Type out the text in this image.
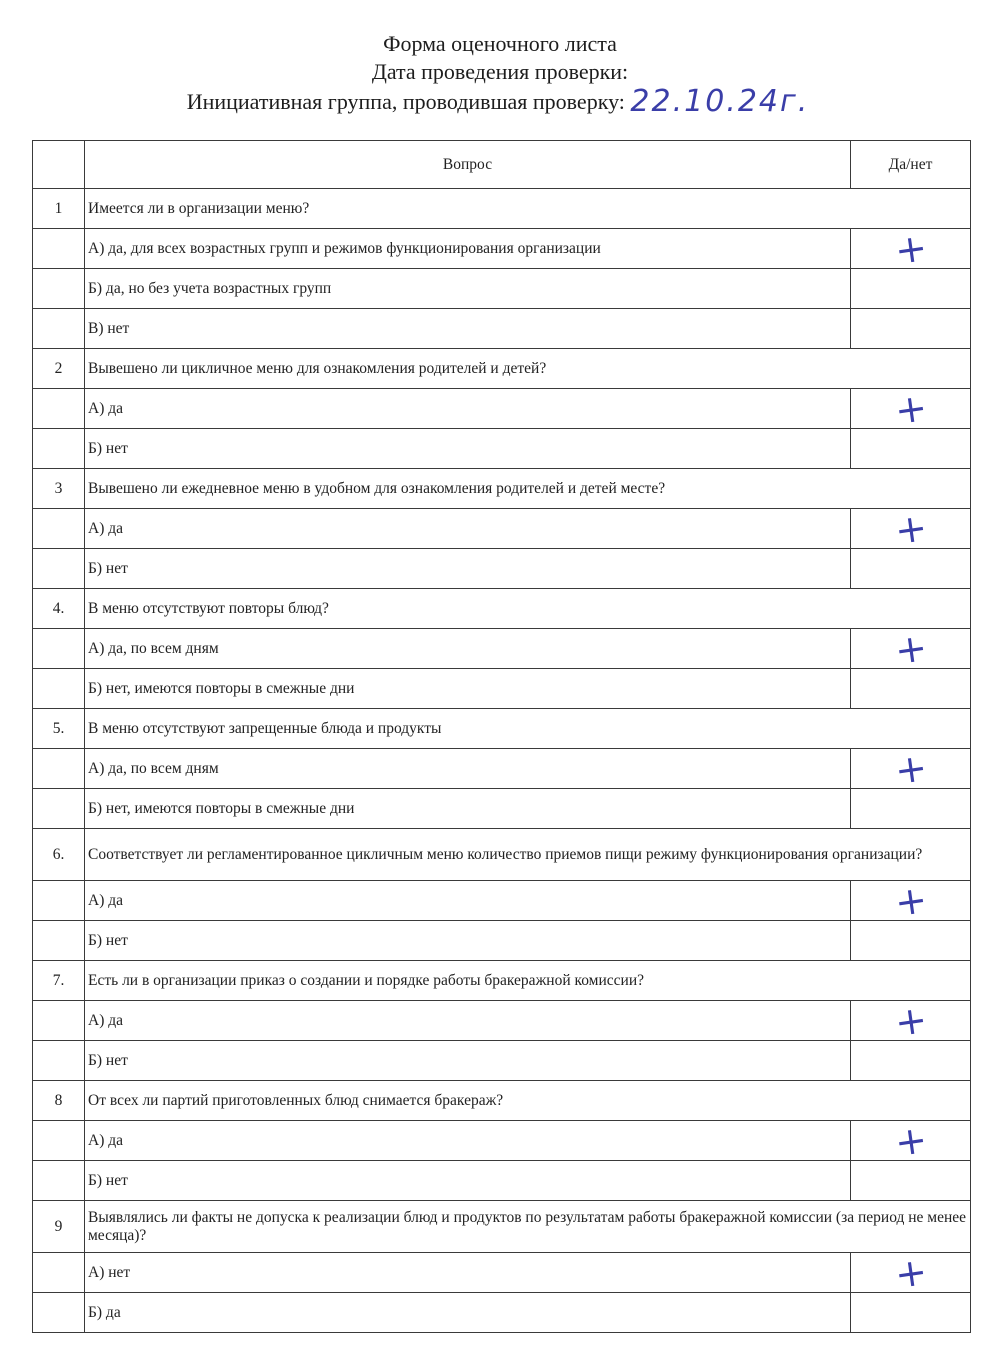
Форма оценочного листа
Дата проведения проверки:
Инициативная группа, проводившая проверку: 22.10.24г.
	Вопрос	Да/нет
1	Имеется ли в организации меню?	
	А) да, для всех возрастных групп и режимов функционирования организации	+
	Б) да, но без учета возрастных групп	
	В) нет	
2	Вывешено ли цикличное меню для ознакомления родителей и детей?	
	А) да	+
	Б) нет	
3	Вывешено ли ежедневное меню в удобном для ознакомления родителей и детей месте?	
	А) да	+
	Б) нет	
4.	В меню отсутствуют повторы блюд?	
	А) да, по всем дням	+
	Б) нет, имеются повторы в смежные дни	
5.	В меню отсутствуют запрещенные блюда и продукты	
	А) да, по всем дням	+
	Б) нет, имеются повторы в смежные дни	
6.	Соответствует ли регламентированное цикличным меню количество приемов пищи режиму функционирования организации?	
	А) да	+
	Б) нет	
7.	Есть ли в организации приказ о создании и порядке работы бракеражной комиссии?	
	А) да	+
	Б) нет	
8	От всех ли партий приготовленных блюд снимается бракераж?	
	А) да	+
	Б) нет	
9	Выявлялись ли факты не допуска к реализации блюд и продуктов по результатам работы бракеражной комиссии (за период не менее месяца)?	
	А) нет	+
	Б) да	
